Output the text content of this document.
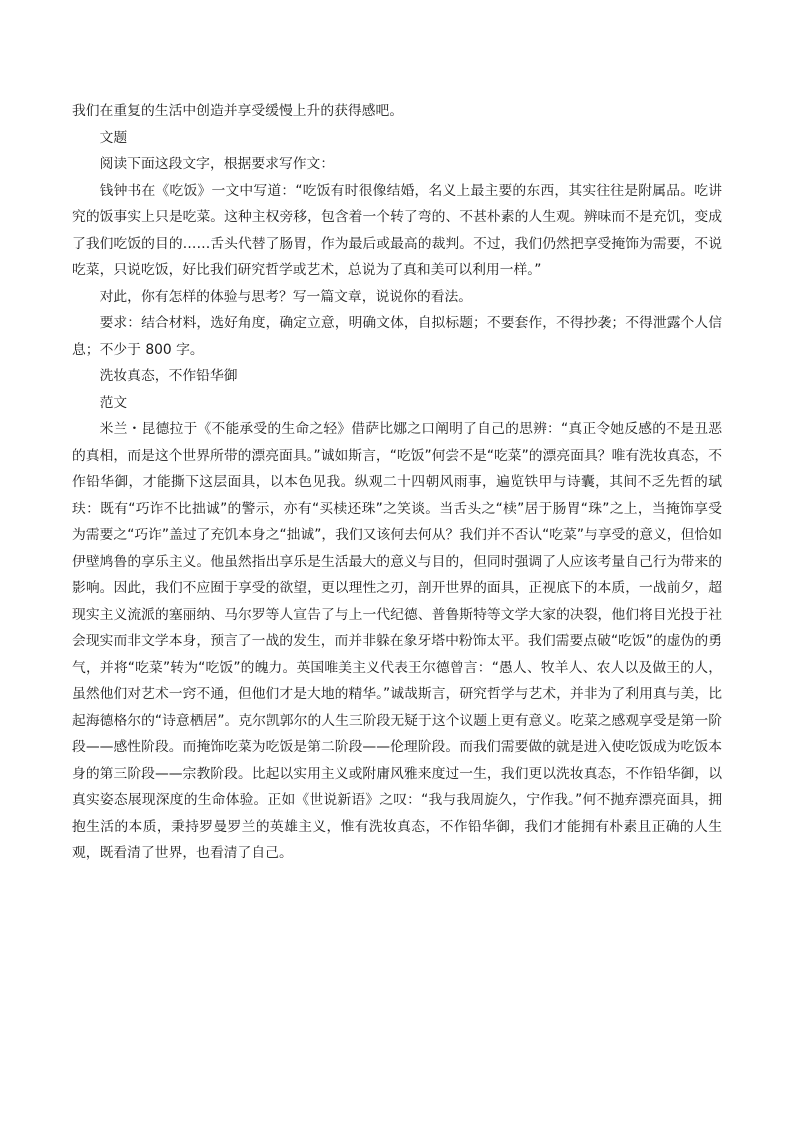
我们在重复的生活中创造并享受缓慢上升的获得感吧。

文题

阅读下面这段文字，根据要求写作文：

钱钟书在《吃饭》一文中写道：“吃饭有时很像结婚，名义上最主要的东西，其实往往是附属品。吃讲究的饭事实上只是吃菜。这种主权旁移，包含着一个转了弯的、不甚朴素的人生观。辨味而不是充饥，变成了我们吃饭的目的……舌头代替了肠胃，作为最后或最高的裁判。不过，我们仍然把享受掩饰为需要，不说吃菜，只说吃饭，好比我们研究哲学或艺术，总说为了真和美可以利用一样。”

对此，你有怎样的体验与思考？写一篇文章，说说你的看法。

要求：结合材料，选好角度，确定立意，明确文体，自拟标题；不要套作，不得抄袭；不得泄露个人信息；不少于 800 字。

洗妆真态，不作铅华御

范文

米兰・昆德拉于《不能承受的生命之轻》借萨比娜之口阐明了自己的思辨：“真正令她反感的不是丑恶的真相，而是这个世界所带的漂亮面具。”诚如斯言，“吃饭”何尝不是“吃菜”的漂亮面具？唯有洗妆真态，不作铅华御，才能撕下这层面具，以本色见我。纵观二十四朝风雨事，遍览铁甲与诗囊，其间不乏先哲的珷玞：既有“巧诈不比拙诚”的警示，亦有“买椟还珠”之笑谈。当舌头之“椟”居于肠胃“珠”之上，当掩饰享受为需要之“巧诈”盖过了充饥本身之“拙诚”，我们又该何去何从？我们并不否认“吃菜”与享受的意义，但恰如伊壁鸠鲁的享乐主义。他虽然指出享乐是生活最大的意义与目的，但同时强调了人应该考量自己行为带来的影响。因此，我们不应囿于享受的欲望，更以理性之刃，剖开世界的面具，正视底下的本质，一战前夕，超现实主义流派的塞丽纳、马尔罗等人宣告了与上一代纪德、普鲁斯特等文学大家的决裂，他们将目光投于社会现实而非文学本身，预言了一战的发生，而并非躲在象牙塔中粉饰太平。我们需要点破“吃饭”的虚伪的勇气，并将“吃菜”转为“吃饭”的魄力。英国唯美主义代表王尔德曾言：“愚人、牧羊人、农人以及做王的人，虽然他们对艺术一窍不通，但他们才是大地的精华。”诚哉斯言，研究哲学与艺术，并非为了利用真与美，比起海德格尔的“诗意栖居”。克尔凯郭尔的人生三阶段无疑于这个议题上更有意义。吃菜之感观享受是第一阶段——感性阶段。而掩饰吃菜为吃饭是第二阶段——伦理阶段。而我们需要做的就是进入使吃饭成为吃饭本身的第三阶段——宗教阶段。比起以实用主义或附庸风雅来度过一生，我们更以洗妆真态，不作铅华御，以真实姿态展现深度的生命体验。正如《世说新语》之叹：“我与我周旋久，宁作我。”何不抛弃漂亮面具，拥抱生活的本质，秉持罗曼罗兰的英雄主义，惟有洗妆真态，不作铅华御，我们才能拥有朴素且正确的人生观，既看清了世界，也看清了自己。
